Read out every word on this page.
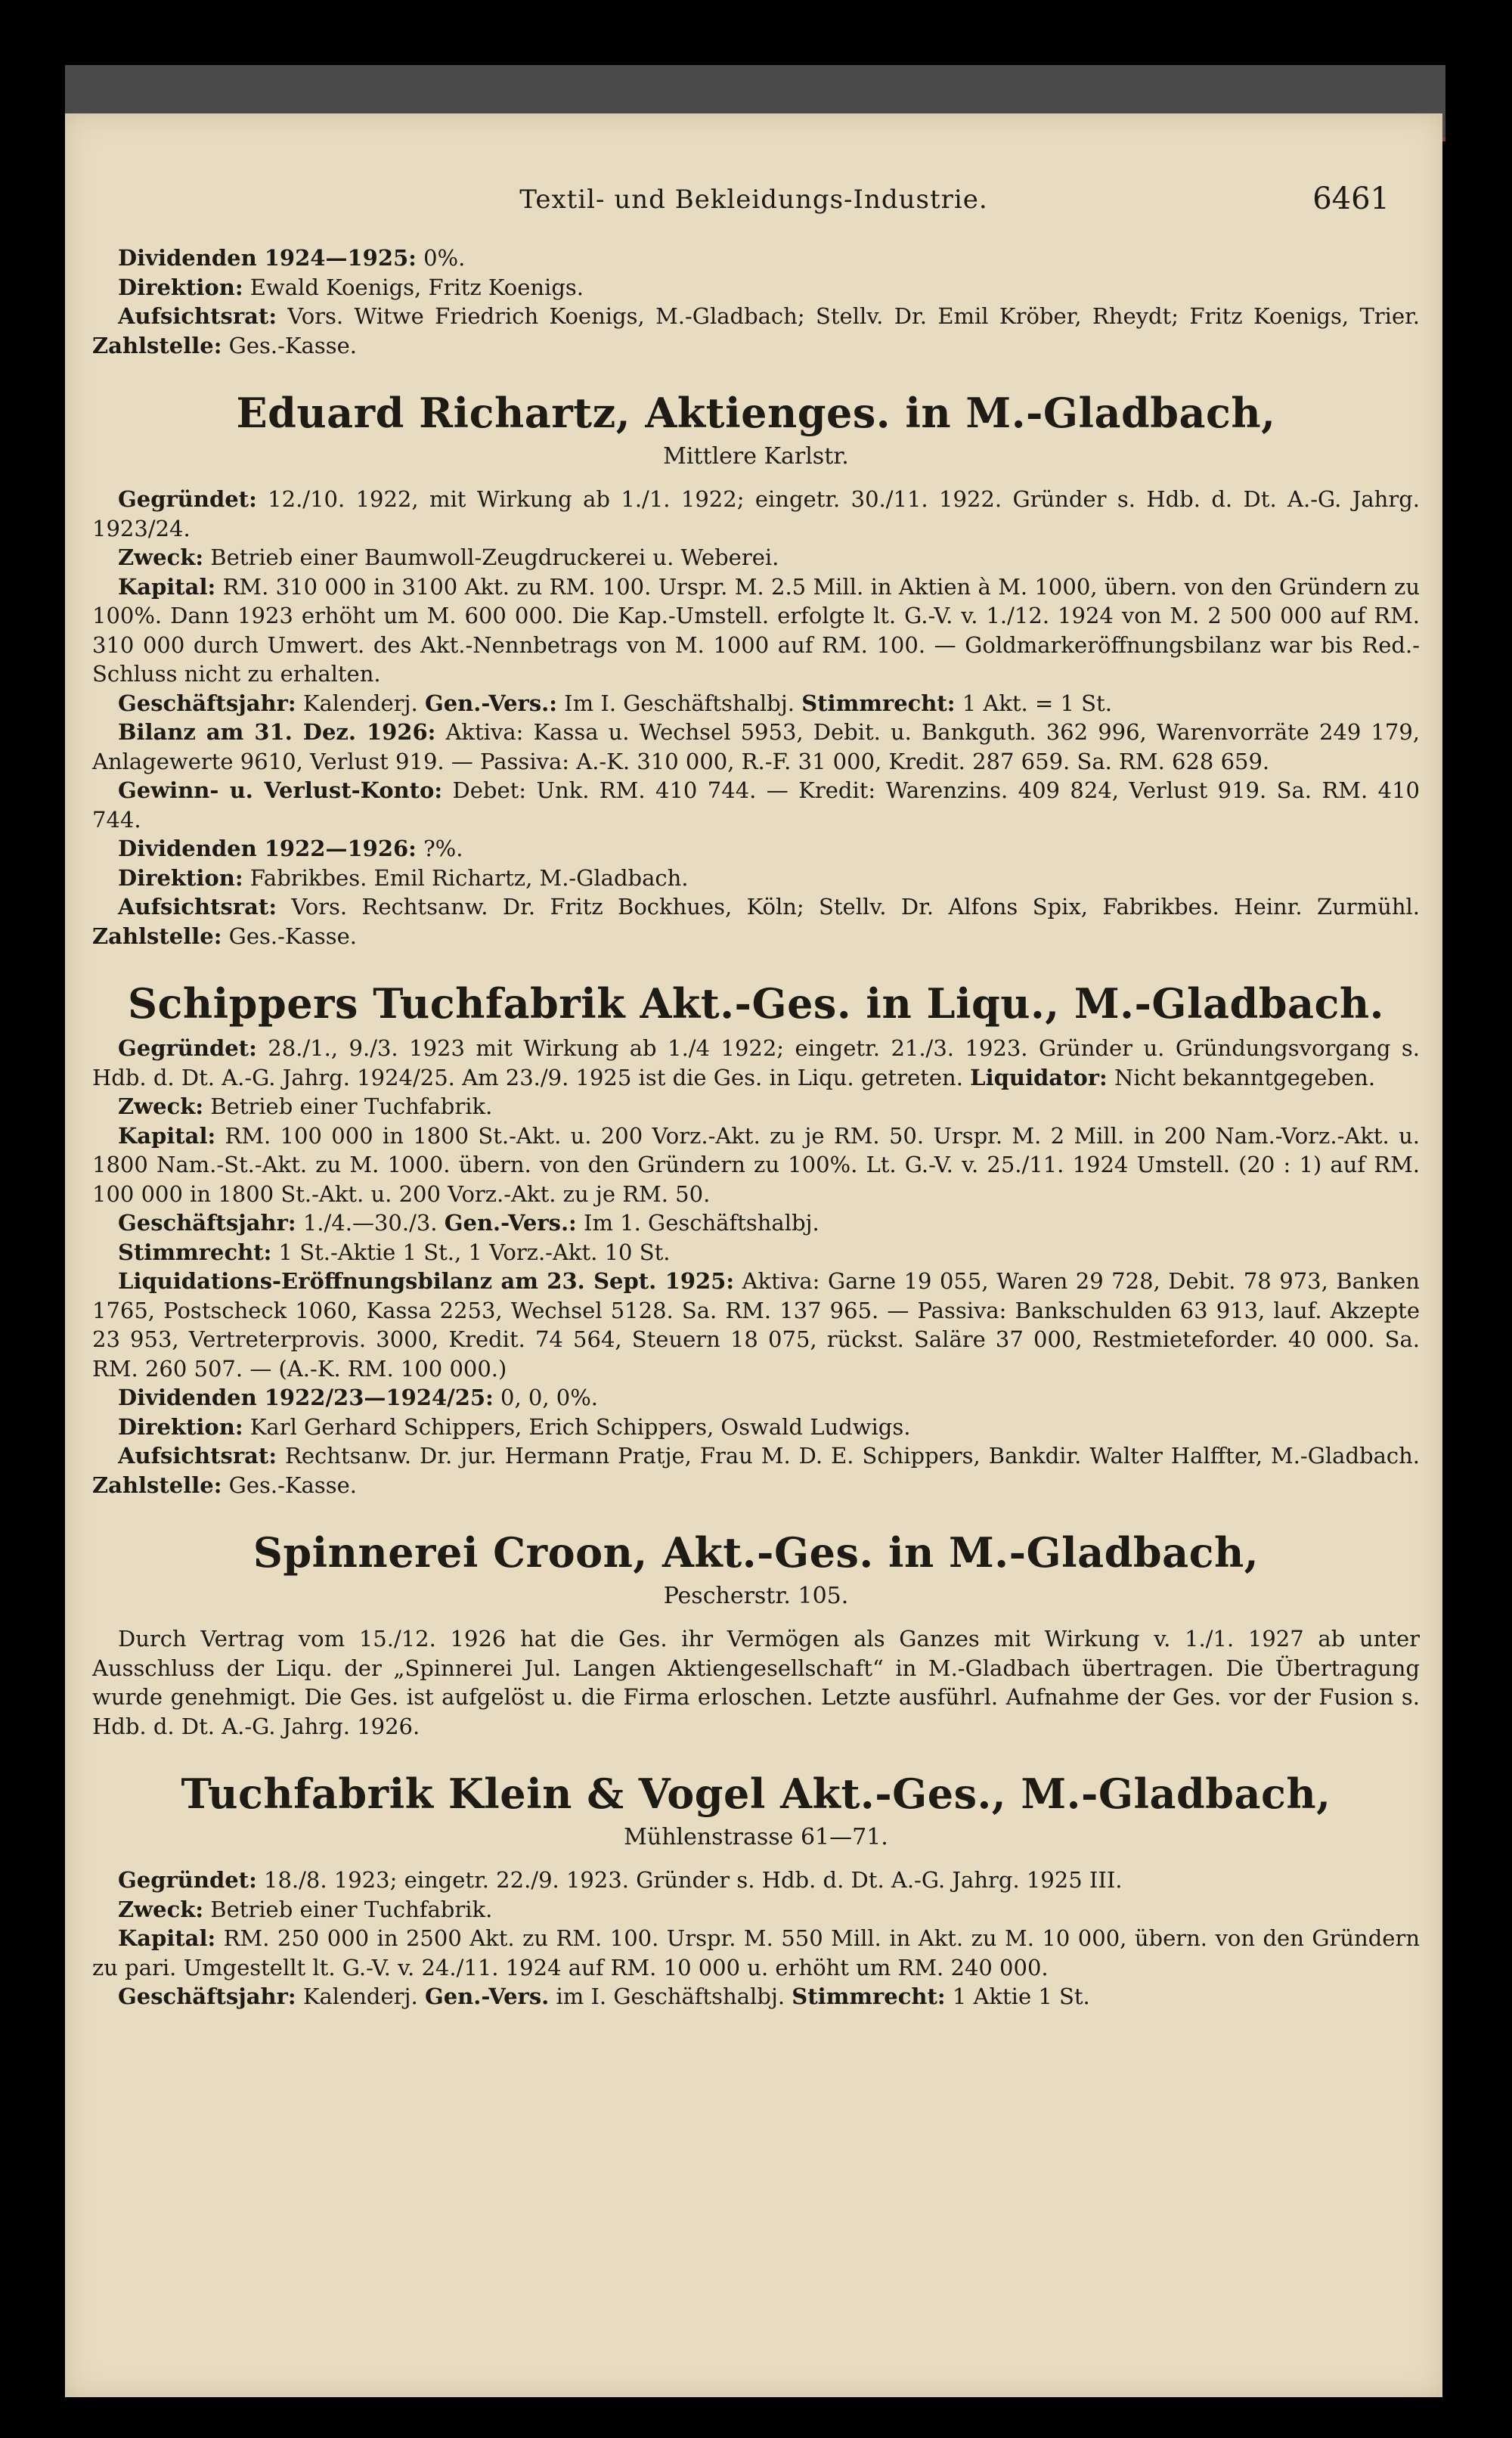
Textil- und Bekleidungs-Industrie.	6461

Dividenden 1924—1925: 0%.

Direktion: Ewald Koenigs, Fritz Koenigs.

Aufsichtsrat: Vors. Witwe Friedrich Koenigs, M.-Gladbach; Stellv. Dr. Emil Kröber, Rheydt; Fritz Koenigs, Trier. Zahlstelle: Ges.-Kasse.

Eduard Richartz, Aktienges. in M.-Gladbach,
Mittlere Karlstr.

Gegründet: 12./10. 1922, mit Wirkung ab 1./1. 1922; eingetr. 30./11. 1922. Gründer s. Hdb. d. Dt. A.-G. Jahrg. 1923/24.

Zweck: Betrieb einer Baumwoll-Zeugdruckerei u. Weberei.

Kapital: RM. 310 000 in 3100 Akt. zu RM. 100. Urspr. M. 2.5 Mill. in Aktien à M. 1000, übern. von den Gründern zu 100%. Dann 1923 erhöht um M. 600 000. Die Kap.-Umstell. erfolgte lt. G.-V. v. 1./12. 1924 von M. 2 500 000 auf RM. 310 000 durch Umwert. des Akt.-Nennbetrags von M. 1000 auf RM. 100. — Goldmarkeröffnungsbilanz war bis Red.-Schluss nicht zu erhalten.

Geschäftsjahr: Kalenderj. Gen.-Vers.: Im I. Geschäftshalbj. Stimmrecht: 1 Akt. = 1 St.

Bilanz am 31. Dez. 1926: Aktiva: Kassa u. Wechsel 5953, Debit. u. Bankguth. 362 996, Warenvorräte 249 179, Anlagewerte 9610, Verlust 919. — Passiva: A.-K. 310 000, R.-F. 31 000, Kredit. 287 659. Sa. RM. 628 659.

Gewinn- u. Verlust-Konto: Debet: Unk. RM. 410 744. — Kredit: Warenzins. 409 824, Verlust 919. Sa. RM. 410 744.

Dividenden 1922—1926: ?%.

Direktion: Fabrikbes. Emil Richartz, M.-Gladbach.

Aufsichtsrat: Vors. Rechtsanw. Dr. Fritz Bockhues, Köln; Stellv. Dr. Alfons Spix, Fabrikbes. Heinr. Zurmühl. Zahlstelle: Ges.-Kasse.

Schippers Tuchfabrik Akt.-Ges. in Liqu., M.-Gladbach.

Gegründet: 28./1., 9./3. 1923 mit Wirkung ab 1./4 1922; eingetr. 21./3. 1923. Gründer u. Gründungsvorgang s. Hdb. d. Dt. A.-G. Jahrg. 1924/25. Am 23./9. 1925 ist die Ges. in Liqu. getreten. Liquidator: Nicht bekanntgegeben.

Zweck: Betrieb einer Tuchfabrik.

Kapital: RM. 100 000 in 1800 St.-Akt. u. 200 Vorz.-Akt. zu je RM. 50. Urspr. M. 2 Mill. in 200 Nam.-Vorz.-Akt. u. 1800 Nam.-St.-Akt. zu M. 1000. übern. von den Gründern zu 100%. Lt. G.-V. v. 25./11. 1924 Umstell. (20 : 1) auf RM. 100 000 in 1800 St.-Akt. u. 200 Vorz.-Akt. zu je RM. 50.

Geschäftsjahr: 1./4.—30./3. Gen.-Vers.: Im 1. Geschäftshalbj.

Stimmrecht: 1 St.-Aktie 1 St., 1 Vorz.-Akt. 10 St.

Liquidations-Eröffnungsbilanz am 23. Sept. 1925: Aktiva: Garne 19 055, Waren 29 728, Debit. 78 973, Banken 1765, Postscheck 1060, Kassa 2253, Wechsel 5128. Sa. RM. 137 965. — Passiva: Bankschulden 63 913, lauf. Akzepte 23 953, Vertreterprovis. 3000, Kredit. 74 564, Steuern 18 075, rückst. Saläre 37 000, Restmieteforder. 40 000. Sa. RM. 260 507. — (A.-K. RM. 100 000.)

Dividenden 1922/23—1924/25: 0, 0, 0%.

Direktion: Karl Gerhard Schippers, Erich Schippers, Oswald Ludwigs.

Aufsichtsrat: Rechtsanw. Dr. jur. Hermann Pratje, Frau M. D. E. Schippers, Bankdir. Walter Halffter, M.-Gladbach. Zahlstelle: Ges.-Kasse.

Spinnerei Croon, Akt.-Ges. in M.-Gladbach,
Pescherstr. 105.

Durch Vertrag vom 15./12. 1926 hat die Ges. ihr Vermögen als Ganzes mit Wirkung v. 1./1. 1927 ab unter Ausschluss der Liqu. der „Spinnerei Jul. Langen Aktiengesellschaft“ in M.-Gladbach übertragen. Die Übertragung wurde genehmigt. Die Ges. ist aufgelöst u. die Firma erloschen. Letzte ausführl. Aufnahme der Ges. vor der Fusion s. Hdb. d. Dt. A.-G. Jahrg. 1926.

Tuchfabrik Klein & Vogel Akt.-Ges., M.-Gladbach,
Mühlenstrasse 61—71.

Gegründet: 18./8. 1923; eingetr. 22./9. 1923. Gründer s. Hdb. d. Dt. A.-G. Jahrg. 1925 III.

Zweck: Betrieb einer Tuchfabrik.

Kapital: RM. 250 000 in 2500 Akt. zu RM. 100. Urspr. M. 550 Mill. in Akt. zu M. 10 000, übern. von den Gründern zu pari. Umgestellt lt. G.-V. v. 24./11. 1924 auf RM. 10 000 u. erhöht um RM. 240 000.

Geschäftsjahr: Kalenderj. Gen.-Vers. im I. Geschäftshalbj. Stimmrecht: 1 Aktie 1 St.
